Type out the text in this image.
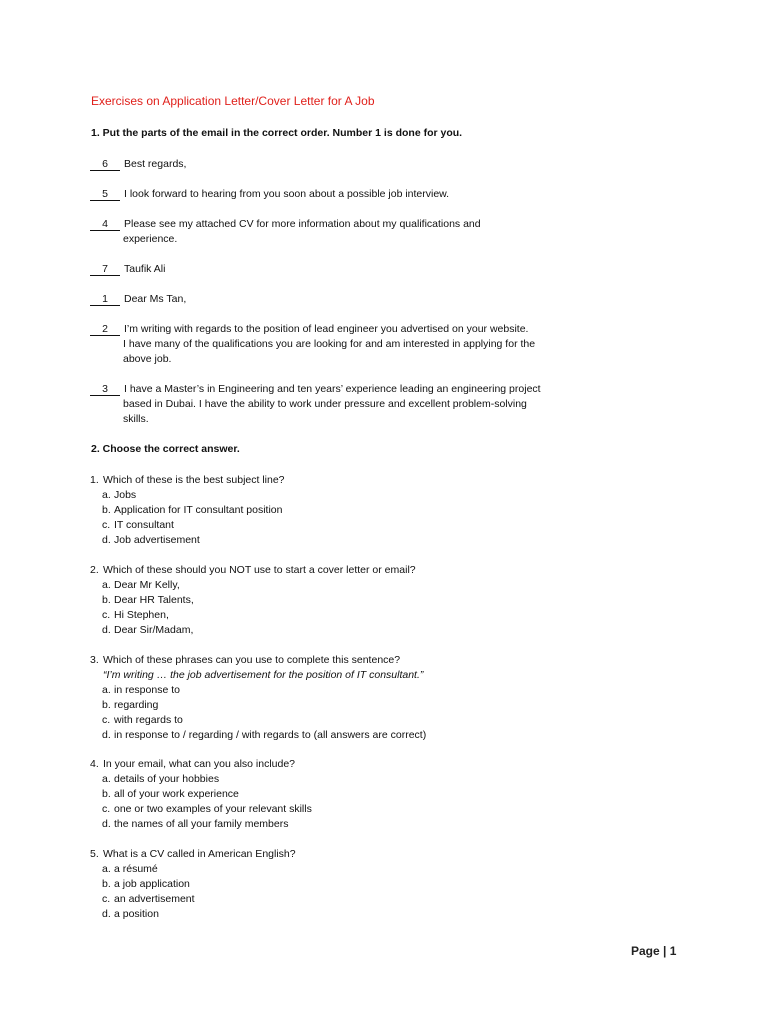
Exercises on Application Letter/Cover Letter for A Job
1. Put the parts of the email in the correct order. Number 1 is done for you.
6 Best regards,
5 I look forward to hearing from you soon about a possible job interview.
4 Please see my attached CV for more information about my qualifications and
experience.
7 Taufik Ali
1 Dear Ms Tan,
2 I’m writing with regards to the position of lead engineer you advertised on your website.
I have many of the qualifications you are looking for and am interested in applying for the
above job.
3 I have a Master’s in Engineering and ten years’ experience leading an engineering project
based in Dubai. I have the ability to work under pressure and excellent problem-solving
skills.
2. Choose the correct answer.
1. Which of these is the best subject line?
a. Jobs
b. Application for IT consultant position
c. IT consultant
d. Job advertisement
2. Which of these should you NOT use to start a cover letter or email?
a. Dear Mr Kelly,
b. Dear HR Talents,
c. Hi Stephen,
d. Dear Sir/Madam,
3. Which of these phrases can you use to complete this sentence?
“I’m writing … the job advertisement for the position of IT consultant.”
a. in response to
b. regarding
c. with regards to
d. in response to / regarding / with regards to (all answers are correct)
4. In your email, what can you also include?
a. details of your hobbies
b. all of your work experience
c. one or two examples of your relevant skills
d. the names of all your family members
5. What is a CV called in American English?
a. a résumé
b. a job application
c. an advertisement
d. a position
Page | 1
